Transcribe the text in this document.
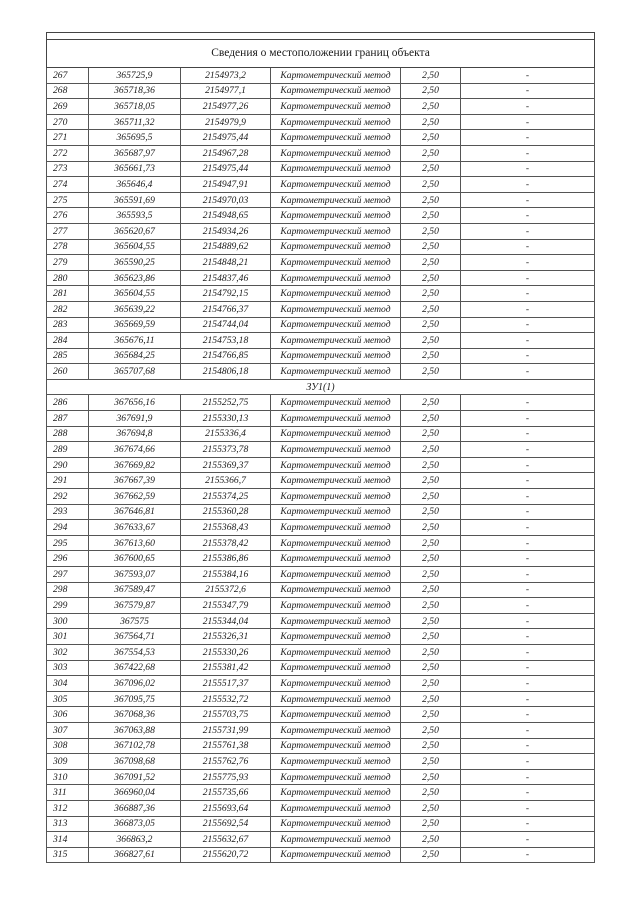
Сведения о местоположении границ объекта					
267	365725,9	2154973,2	Картометрический метод	2,50	-
268	365718,36	2154977,1	Картометрический метод	2,50	-
269	365718,05	2154977,26	Картометрический метод	2,50	-
270	365711,32	2154979,9	Картометрический метод	2,50	-
271	365695,5	2154975,44	Картометрический метод	2,50	-
272	365687,97	2154967,28	Картометрический метод	2,50	-
273	365661,73	2154975,44	Картометрический метод	2,50	-
274	365646,4	2154947,91	Картометрический метод	2,50	-
275	365591,69	2154970,03	Картометрический метод	2,50	-
276	365593,5	2154948,65	Картометрический метод	2,50	-
277	365620,67	2154934,26	Картометрический метод	2,50	-
278	365604,55	2154889,62	Картометрический метод	2,50	-
279	365590,25	2154848,21	Картометрический метод	2,50	-
280	365623,86	2154837,46	Картометрический метод	2,50	-
281	365604,55	2154792,15	Картометрический метод	2,50	-
282	365639,22	2154766,37	Картометрический метод	2,50	-
283	365669,59	2154744,04	Картометрический метод	2,50	-
284	365676,11	2154753,18	Картометрический метод	2,50	-
285	365684,25	2154766,85	Картометрический метод	2,50	-
260	365707,68	2154806,18	Картометрический метод	2,50	-
ЗУ1(1)					
286	367656,16	2155252,75	Картометрический метод	2,50	-
287	367691,9	2155330,13	Картометрический метод	2,50	-
288	367694,8	2155336,4	Картометрический метод	2,50	-
289	367674,66	2155373,78	Картометрический метод	2,50	-
290	367669,82	2155369,37	Картометрический метод	2,50	-
291	367667,39	2155366,7	Картометрический метод	2,50	-
292	367662,59	2155374,25	Картометрический метод	2,50	-
293	367646,81	2155360,28	Картометрический метод	2,50	-
294	367633,67	2155368,43	Картометрический метод	2,50	-
295	367613,60	2155378,42	Картометрический метод	2,50	-
296	367600,65	2155386,86	Картометрический метод	2,50	-
297	367593,07	2155384,16	Картометрический метод	2,50	-
298	367589,47	2155372,6	Картометрический метод	2,50	-
299	367579,87	2155347,79	Картометрический метод	2,50	-
300	367575	2155344,04	Картометрический метод	2,50	-
301	367564,71	2155326,31	Картометрический метод	2,50	-
302	367554,53	2155330,26	Картометрический метод	2,50	-
303	367422,68	2155381,42	Картометрический метод	2,50	-
304	367096,02	2155517,37	Картометрический метод	2,50	-
305	367095,75	2155532,72	Картометрический метод	2,50	-
306	367068,36	2155703,75	Картометрический метод	2,50	-
307	367063,88	2155731,99	Картометрический метод	2,50	-
308	367102,78	2155761,38	Картометрический метод	2,50	-
309	367098,68	2155762,76	Картометрический метод	2,50	-
310	367091,52	2155775,93	Картометрический метод	2,50	-
311	366960,04	2155735,66	Картометрический метод	2,50	-
312	366887,36	2155693,64	Картометрический метод	2,50	-
313	366873,05	2155692,54	Картометрический метод	2,50	-
314	366863,2	2155632,67	Картометрический метод	2,50	-
315	366827,61	2155620,72	Картометрический метод	2,50	-
